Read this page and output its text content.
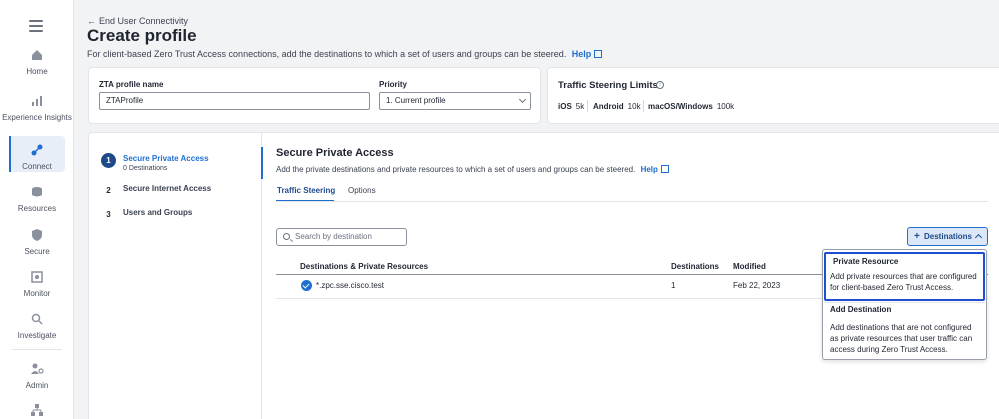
Home
Experience Insights
Connect
Resources
Secure
Monitor
Investigate
Admin
← End User Connectivity
Create profile
For client-based Zero Trust Access connections, add the destinations to which a set of users and groups can be steered. Help
ZTA profile name
ZTAProfile
Priority
1. Current profile
Traffic Steering Limits i
iOS 5k Android 10k macOS/Windows 100k
1	Secure Private Access
0 Destinations
2	Secure Internet Access
3	Users and Groups
Secure Private Access
Add the private destinations and private resources to which a set of users and groups can be steered. Help
Traffic Steering Options
Search by destination	+ Destinations
Destinations & Private Resources	Destinations Modified
*.zpc.sse.cisco.test	1	Feb 22, 2023
Private Resource
Add private resources that are configured for client-based Zero Trust Access.
Add Destination
Add destinations that are not configured as private resources that user traffic can access during Zero Trust Access.
